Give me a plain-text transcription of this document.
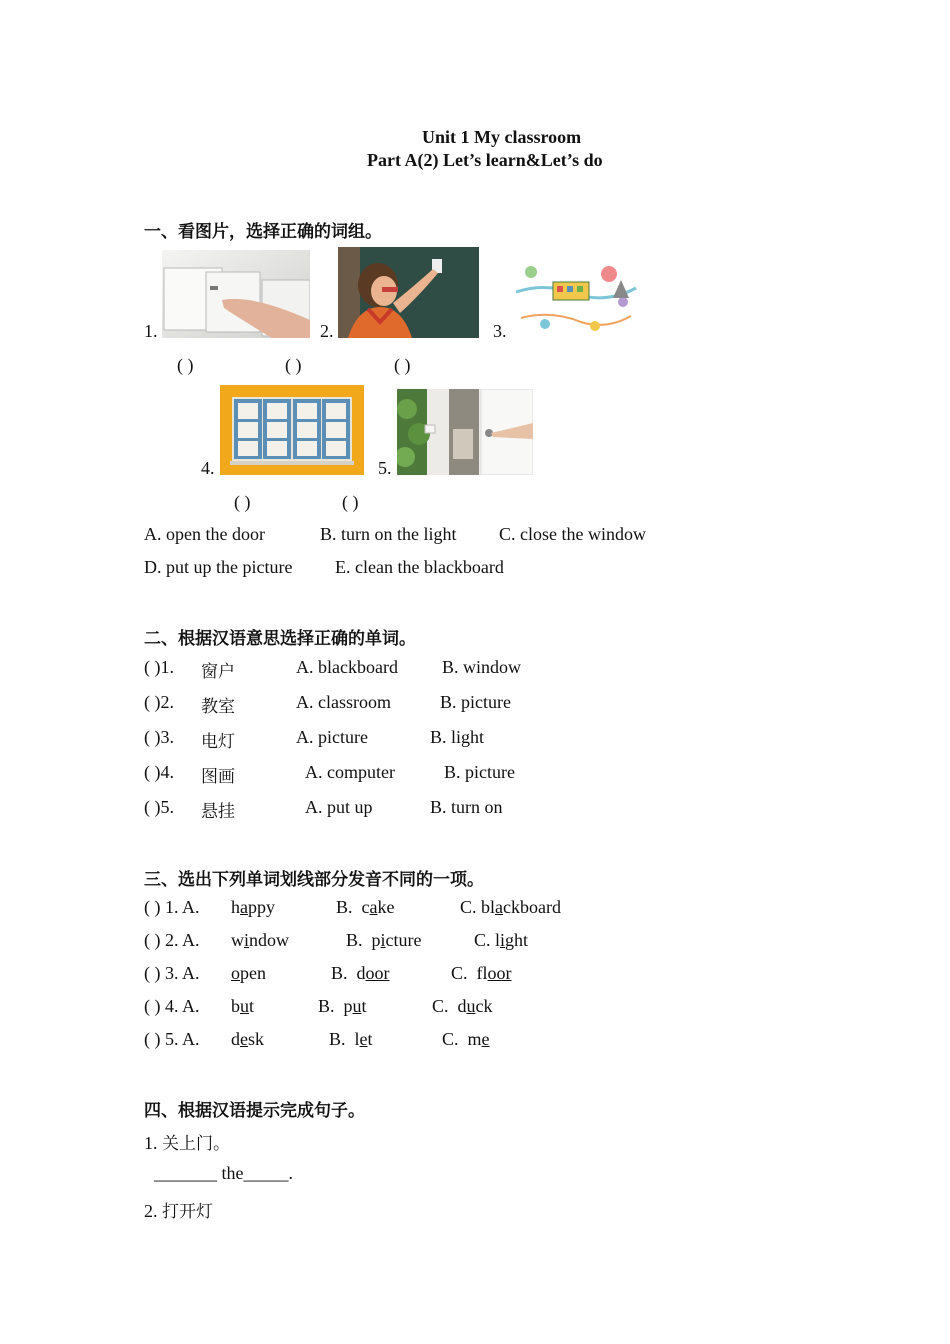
Unit 1 My classroom
Part A(2) Let’s learn&Let’s do
一、看图片，选择正确的词组。
1.	2.	3.
( )	( )	( )
4.	5.
( )	( )
A. open the door	B. turn on the light C. close the window
D. put up the picture E. clean the blackboard
二、根据汉语意思选择正确的单词。
( )1. 窗户	A. blackboard B. window
( )2. 教室	A. classroom	B. picture
( )3. 电灯	A. picture	B. light
( )4. 图画	A. computer	B. picture
( )5. 悬挂	A. put up	B. turn on
三、选出下列单词划线部分发音不同的一项。
( ) 1. A. happy	B. cake	C. blackboard
( ) 2. A. window	B. picture	C. light
( ) 3. A. open	B. door	C. floor
( ) 4. A. but	B. put	C. duck
( ) 5. A. desk	B. let	C. me
四、根据汉语提示完成句子。
1. 关上门。
_______ the_____.
2. 打开灯
